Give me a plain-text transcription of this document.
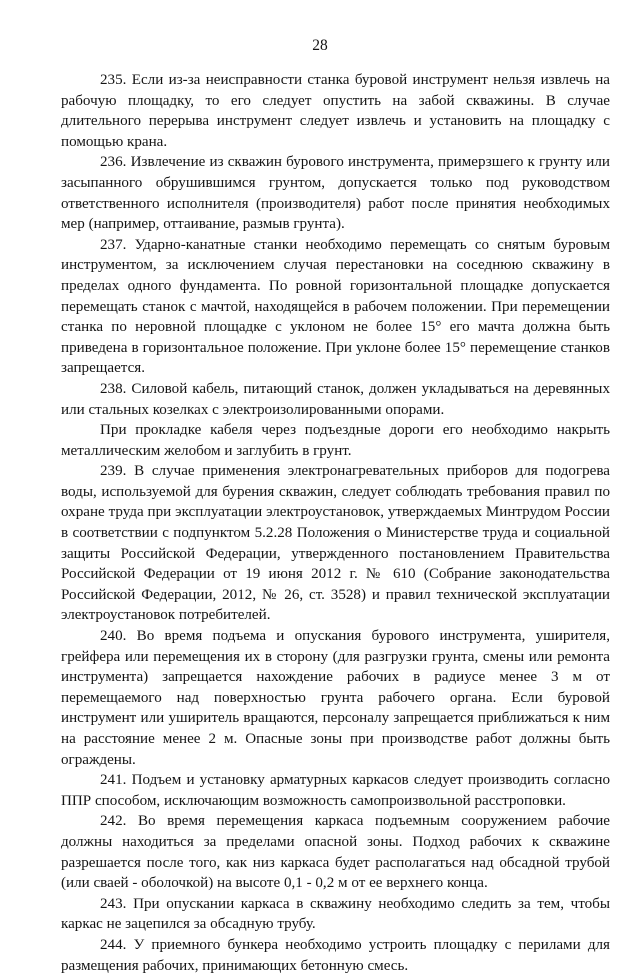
28

235. Если из-за неисправности станка буровой инструмент нельзя извлечь на рабочую площадку, то его следует опустить на забой скважины. В случае длительного перерыва инструмент следует извлечь и установить на площадку с помощью крана.

236. Извлечение из скважин бурового инструмента, примерзшего к грунту или засыпанного обрушившимся грунтом, допускается только под руководством ответственного исполнителя (производителя) работ после принятия необходимых мер (например, оттаивание, размыв грунта).

237. Ударно-канатные станки необходимо перемещать со снятым буровым инструментом, за исключением случая перестановки на соседнюю скважину в пределах одного фундамента. По ровной горизонтальной площадке допускается перемещать станок с мачтой, находящейся в рабочем положении. При перемещении станка по неровной площадке с уклоном не более 15° его мачта должна быть приведена в горизонтальное положение. При уклоне более 15° перемещение станков запрещается.

238. Силовой кабель, питающий станок, должен укладываться на деревянных или стальных козелках с электроизолированными опорами.

При прокладке кабеля через подъездные дороги его необходимо накрыть металлическим желобом и заглубить в грунт.

239. В случае применения электронагревательных приборов для подогрева воды, используемой для бурения скважин, следует соблюдать требования правил по охране труда при эксплуатации электроустановок, утверждаемых Минтрудом России в соответствии с подпунктом 5.2.28 Положения о Министерстве труда и социальной защиты Российской Федерации, утвержденного постановлением Правительства Российской Федерации от 19 июня 2012 г. № 610 (Собрание законодательства Российской Федерации, 2012, № 26, ст. 3528) и правил технической эксплуатации электроустановок потребителей.

240. Во время подъема и опускания бурового инструмента, уширителя, грейфера или перемещения их в сторону (для разгрузки грунта, смены или ремонта инструмента) запрещается нахождение рабочих в радиусе менее 3 м от перемещаемого над поверхностью грунта рабочего органа. Если буровой инструмент или уширитель вращаются, персоналу запрещается приближаться к ним на расстояние менее 2 м. Опасные зоны при производстве работ должны быть ограждены.

241. Подъем и установку арматурных каркасов следует производить согласно ППР способом, исключающим возможность самопроизвольной расстроповки.

242. Во время перемещения каркаса подъемным сооружением рабочие должны находиться за пределами опасной зоны. Подход рабочих к скважине разрешается после того, как низ каркаса будет располагаться над обсадной трубой (или сваей - оболочкой) на высоте 0,1 - 0,2 м от ее верхнего конца.

243. При опускании каркаса в скважину необходимо следить за тем, чтобы каркас не зацепился за обсадную трубу.

244. У приемного бункера необходимо устроить площадку с перилами для размещения рабочих, принимающих бетонную смесь.
